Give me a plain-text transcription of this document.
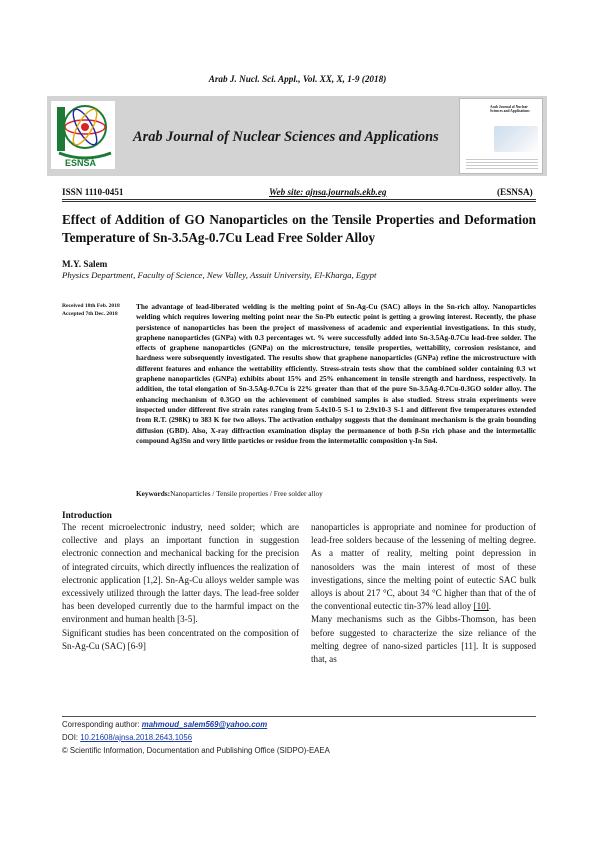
Arab J. Nucl. Sci. Appl., Vol. XX, X, 1-9 (2018)
ESNSA
Arab Journal of Nuclear Sciences and Applications
Arab Journal of Nuclear Sciences and Applications
ISSN 1110-0451	Web site: ajnsa.journals.ekb.eg	(ESNSA)
Effect of Addition of GO Nanoparticles on the Tensile Properties and Deformation Temperature of Sn-3.5Ag-0.7Cu Lead Free Solder Alloy
M.Y. Salem
Physics Department, Faculty of Science, New Valley, Assuit University, El-Kharga, Egypt
Received 18th Feb. 2018
Accepted 7th Dec. 2018
The advantage of lead-liberated welding is the melting point of Sn-Ag-Cu (SAC) alloys in the Sn-rich alloy. Nanoparticles welding which requires lowering melting point near the Sn-Pb eutectic point is getting a growing interest. Recently, the phase persistence of nanoparticles has been the project of massiveness of academic and experiential investigations. In this study, graphene nanoparticles (GNPa) with 0.3 percentages wt. % were successfully added into Sn-3.5Ag-0.7Cu lead-free solder. The effects of graphene nanoparticles (GNPa) on the microstructure, tensile properties, wettability, corrosion resistance, and hardness were subsequently investigated. The results show that graphene nanoparticles (GNPa) refine the microstructure with different features and enhance the wettability efficiently. Stress-strain tests show that the combined solder containing 0.3 wt graphene nanoparticles (GNPa) exhibits about 15% and 25% enhancement in tensile strength and hardness, respectively. In addition, the total elongation of Sn-3.5Ag-0.7Cu is 22% greater than that of the pure Sn-3.5Ag-0.7Cu-0.3GO solder alloy. The enhancing mechanism of 0.3GO on the achievement of combined samples is also studied. Stress strain experiments were inspected under different five strain rates ranging from 5.4x10-5 S-1 to 2.9x10-3 S-1 and different five temperatures extended from R.T. (298K) to 383 K for two alloys. The activation enthalpy suggests that the dominant mechanism is the grain bounding diffusion (GBD). Also, X-ray diffraction examination display the permanence of both β-Sn rich phase and the intermetallic compound Ag3Sn and very little particles or residue from the intermetallic composition γ-In Sn4.
Keywords:Nanoparticles / Tensile properties / Free solder alloy
Introduction

The recent microelectronic industry, need solder; which are collective and plays an important function in suggestion electronic connection and mechanical backing for the precision of integrated circuits, which directly influences the realization of electronic application [1,2]. Sn-Ag-Cu alloys welder sample was excessively utilized through the latter days. The lead-free solder has been developed currently due to the harmful impact on the environment and human health [3-5].

Significant studies has been concentrated on the composition of Sn-Ag-Cu (SAC) [6-9]

nanoparticles is appropriate and nominee for production of lead-free solders because of the lessening of melting degree. As a matter of reality, melting point depression in nanosolders was the main interest of most of these investigations, since the melting point of eutectic SAC bulk alloys is about 217 °C, about 34 °C higher than that of the of the conventional eutectic tin-37% lead alloy [10].

Many mechanisms such as the Gibbs-Thomson, has been before suggested to characterize the size reliance of the melting degree of nano-sized particles [11]. It is supposed that, as

Corresponding author: mahmoud_salem569@yahoo.com
DOI: 10.21608/ajnsa.2018.2643.1056
© Scientific Information, Documentation and Publishing Office (SIDPO)-EAEA
